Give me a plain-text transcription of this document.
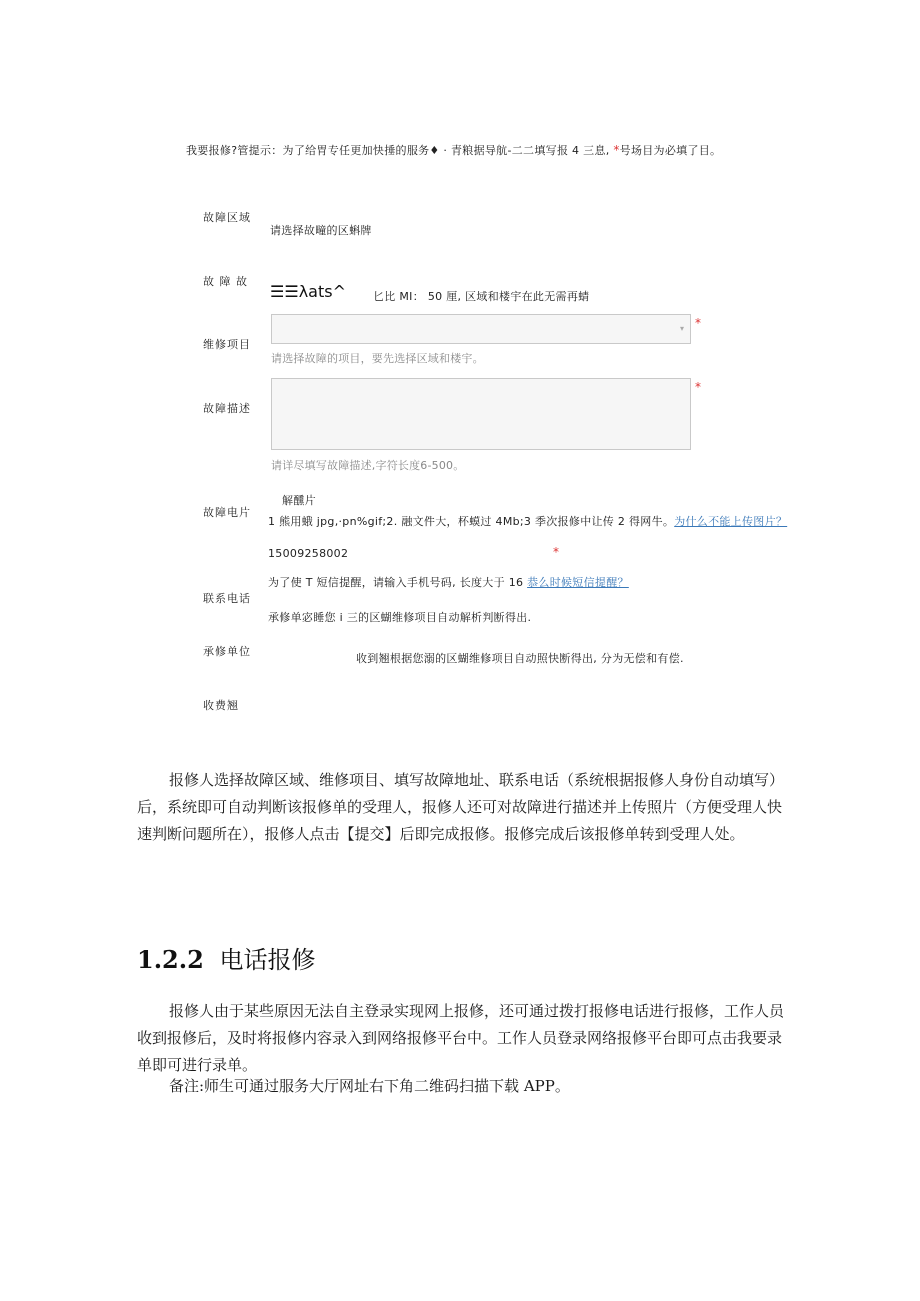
我要报修?管提示：为了给胃专任更加快捶的服务♦ · 青粮据导航-二二填写报 4 三息, *号场目为必填了目。
故障区域
请选择故疃的区蝌牌
故 障 故
☰☰λats^ 匕比 MI： 50 厘, 区域和楼宇在此无需再蜻
维修项目
▾ *
请选择故障的项目，要先选择区域和楼宇。
故障描述
*
请详尽填写故障描述,字符长度6-500。
解醺片
故障电片
1 熊用蛾 jpg,·pn%gif;2. 融文件大，杯蟆过 4Mb;3 季次报修中让传 2 得网牛。为什么不能上传图片？
15009258002	*
为了使 T 短信提醒，请输入手机号码, 长度大于 16 恭么时候短信提醒？
联系电话
承修单宓睡您 i 三的区蝴维修项目自动解析判断得出.
承修单位
收到翘根据您溺的区蝴维修项目自动照快断得出, 分为无偿和有偿.
收费翘
报修人选择故障区域、维修项目、填写故障地址、联系电话（系统根据报修人身份自动填写）后，系统即可自动判断该报修单的受理人，报修人还可对故障进行描述并上传照片（方便受理人快速判断问题所在），报修人点击【提交】后即完成报修。报修完成后该报修单转到受理人处。
1.2.2 电话报修
报修人由于某些原因无法自主登录实现网上报修，还可通过拨打报修电话进行报修，工作人员收到报修后，及时将报修内容录入到网络报修平台中。工作人员登录网络报修平台即可点击我要录单即可进行录单。
备注:师生可通过服务大厅网址右下角二维码扫描下载 APP。
